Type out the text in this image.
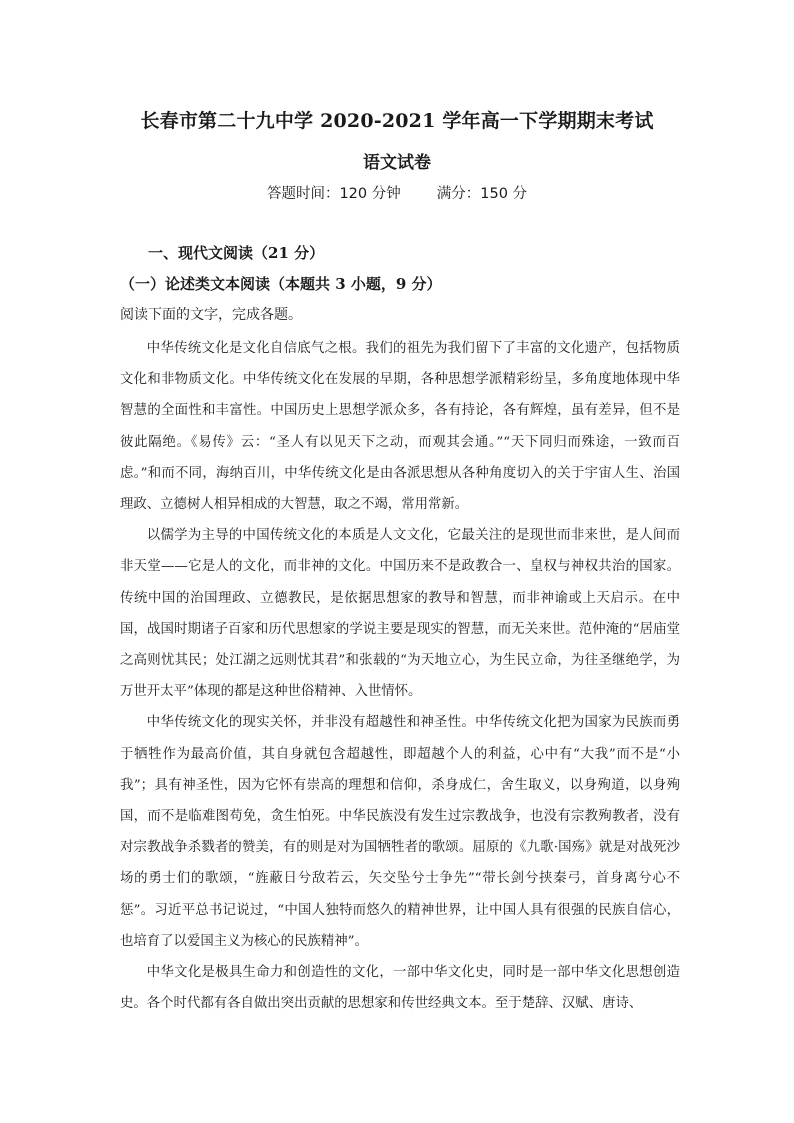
长春市第二十九中学 2020-2021 学年高一下学期期末考试
语文试卷
答题时间：120 分钟 满分：150 分
一、现代文阅读（21 分）
（一）论述类文本阅读（本题共 3 小题，9 分）
阅读下面的文字，完成各题。

中华传统文化是文化自信底气之根。我们的祖先为我们留下了丰富的文化遗产，包括物质文化和非物质文化。中华传统文化在发展的早期，各种思想学派精彩纷呈，多角度地体现中华智慧的全面性和丰富性。中国历史上思想学派众多，各有持论，各有辉煌，虽有差异，但不是彼此隔绝。《易传》云：“圣人有以见天下之动，而观其会通。”“天下同归而殊途，一致而百虑。”和而不同，海纳百川，中华传统文化是由各派思想从各种角度切入的关于宇宙人生、治国理政、立德树人相异相成的大智慧，取之不竭，常用常新。

以儒学为主导的中国传统文化的本质是人文文化，它最关注的是现世而非来世，是人间而非天堂——它是人的文化，而非神的文化。中国历来不是政教合一、皇权与神权共治的国家。传统中国的治国理政、立德教民，是依据思想家的教导和智慧，而非神谕或上天启示。在中国，战国时期诸子百家和历代思想家的学说主要是现实的智慧，而无关来世。范仲淹的“居庙堂之高则忧其民；处江湖之远则忧其君”和张载的“为天地立心，为生民立命，为往圣继绝学，为万世开太平”体现的都是这种世俗精神、入世情怀。

中华传统文化的现实关怀，并非没有超越性和神圣性。中华传统文化把为国家为民族而勇于牺牲作为最高价值，其自身就包含超越性，即超越个人的利益，心中有“大我”而不是“小我”；具有神圣性，因为它怀有崇高的理想和信仰，杀身成仁，舍生取义，以身殉道，以身殉国，而不是临难图苟免，贪生怕死。中华民族没有发生过宗教战争，也没有宗教殉教者，没有对宗教战争杀戮者的赞美，有的则是对为国牺牲者的歌颂。屈原的《九歌·国殇》就是对战死沙场的勇士们的歌颂，“旌蔽日兮敌若云，矢交坠兮士争先”“带长剑兮挟秦弓，首身离兮心不惩”。习近平总书记说过，“中国人独特而悠久的精神世界，让中国人具有很强的民族自信心，也培育了以爱国主义为核心的民族精神”。

中华文化是极具生命力和创造性的文化，一部中华文化史，同时是一部中华文化思想创造史。各个时代都有各自做出突出贡献的思想家和传世经典文本。至于楚辞、汉赋、唐诗、
